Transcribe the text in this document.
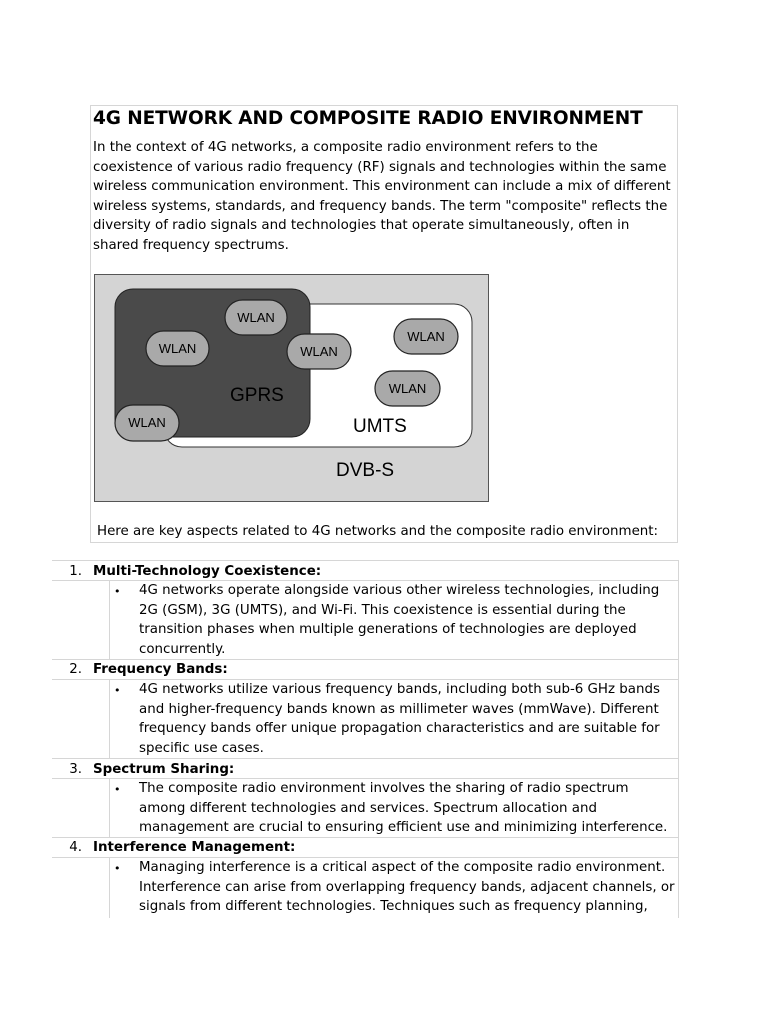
4G NETWORK AND COMPOSITE RADIO ENVIRONMENT

In the context of 4G networks, a composite radio environment refers to the coexistence of various radio frequency (RF) signals and technologies within the same wireless communication environment. This environment can include a mix of different wireless systems, standards, and frequency bands. The term "composite" reflects the diversity of radio signals and technologies that operate simultaneously, often in shared frequency spectrums.

GPRS
UMTS
DVB-S
WLAN
WLAN	WLAN
WLAN
WLAN
WLAN

Here are key aspects related to 4G networks and the composite radio environment:

1. Multi-Technology Coexistence:
• 4G networks operate alongside various other wireless technologies, including 2G (GSM), 3G (UMTS), and Wi-Fi. This coexistence is essential during the transition phases when multiple generations of technologies are deployed concurrently.

2. Frequency Bands:
• 4G networks utilize various frequency bands, including both sub-6 GHz bands and higher-frequency bands known as millimeter waves (mmWave). Different frequency bands offer unique propagation characteristics and are suitable for specific use cases.

3. Spectrum Sharing:
• The composite radio environment involves the sharing of radio spectrum among different technologies and services. Spectrum allocation and management are crucial to ensuring efficient use and minimizing interference.

4. Interference Management:
• Managing interference is a critical aspect of the composite radio environment. Interference can arise from overlapping frequency bands, adjacent channels, or signals from different technologies. Techniques such as frequency planning,
